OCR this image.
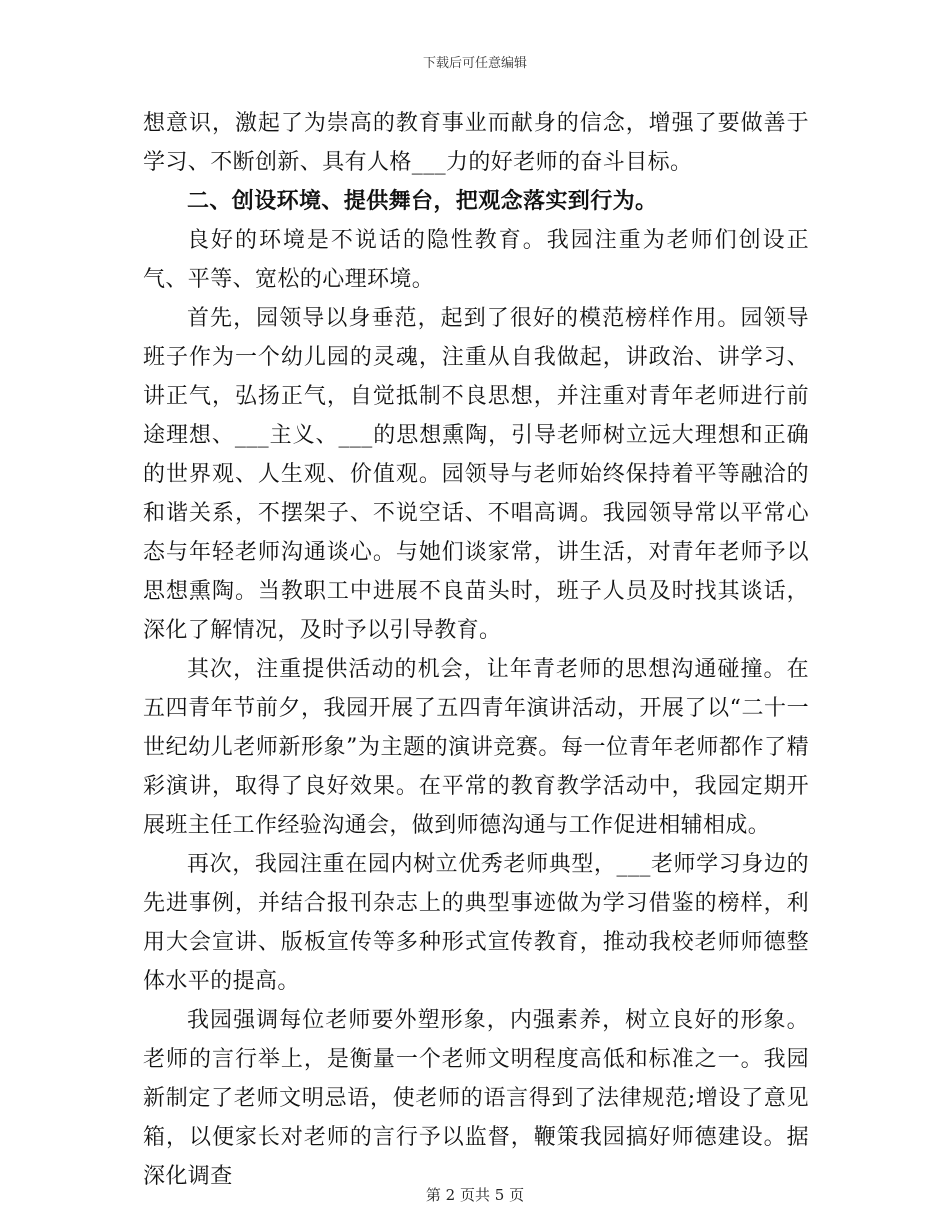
下载后可任意编辑

想意识，激起了为崇高的教育事业而献身的信念，增强了要做善于学习、不断创新、具有人格___力的好老师的奋斗目标。

二、创设环境、提供舞台，把观念落实到行为。

良好的环境是不说话的隐性教育。我园注重为老师们创设正气、平等、宽松的心理环境。

首先，园领导以身垂范，起到了很好的模范榜样作用。园领导班子作为一个幼儿园的灵魂，注重从自我做起，讲政治、讲学习、讲正气，弘扬正气，自觉抵制不良思想，并注重对青年老师进行前途理想、___主义、___的思想熏陶，引导老师树立远大理想和正确的世界观、人生观、价值观。园领导与老师始终保持着平等融洽的和谐关系，不摆架子、不说空话、不唱高调。我园领导常以平常心态与年轻老师沟通谈心。与她们谈家常，讲生活，对青年老师予以思想熏陶。当教职工中进展不良苗头时，班子人员及时找其谈话，深化了解情况，及时予以引导教育。

其次，注重提供活动的机会，让年青老师的思想沟通碰撞。在五四青年节前夕，我园开展了五四青年演讲活动，开展了以“二十一世纪幼儿老师新形象”为主题的演讲竞赛。每一位青年老师都作了精彩演讲，取得了良好效果。在平常的教育教学活动中，我园定期开展班主任工作经验沟通会，做到师德沟通与工作促进相辅相成。

再次，我园注重在园内树立优秀老师典型，___老师学习身边的先进事例，并结合报刊杂志上的典型事迹做为学习借鉴的榜样，利用大会宣讲、版板宣传等多种形式宣传教育，推动我校老师师德整体水平的提高。

我园强调每位老师要外塑形象，内强素养，树立良好的形象。老师的言行举上，是衡量一个老师文明程度高低和标准之一。我园新制定了老师文明忌语，使老师的语言得到了法律规范;增设了意见箱，以便家长对老师的言行予以监督，鞭策我园搞好师德建设。据深化调查

第 2 页共 5 页
